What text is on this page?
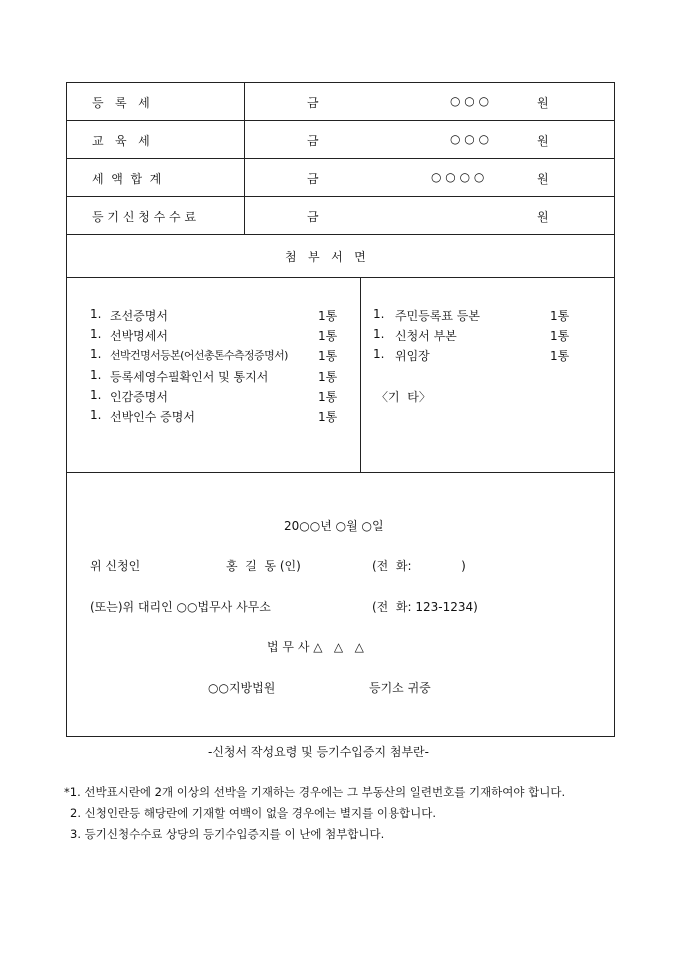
등   록   세	금	○ ○ ○	원
교   육   세	금	○ ○ ○	원
세  액  합  계	금	○ ○ ○ ○	원
등 기 신 청 수 수 료	금	원
첨   부   서   면
1. 조선증명서	1통
1. 선박명세서	1통
1. 선박건명서등본(어선총톤수측정증명서)	1통
1. 등록세영수필확인서 및 통지서	1통
1. 인감증명서	1통
1. 선박인수 증명서	1통
1. 주민등록표 등본	1통
1. 신청서 부본	1통
1. 위임장	1통
〈기  타〉
20○○년 ○월 ○일
위 신청인	홍  길  동 (인)	(전  화:             )
(또는)위 대리인 ○○법무사 사무소	(전  화: 123-1234)
법 무 사 △   △   △
○○지방법원	등기소 귀중
-신청서 작성요령 및 등기수입증지 첨부란-
*1. 선박표시란에 2개 이상의 선박을 기재하는 경우에는 그 부동산의 일련번호를 기재하여야 합니다.
2. 신청인란등 해당란에 기재할 여백이 없을 경우에는 별지를 이용합니다.
3. 등기신청수수료 상당의 등기수입증지를 이 난에 첨부합니다.
